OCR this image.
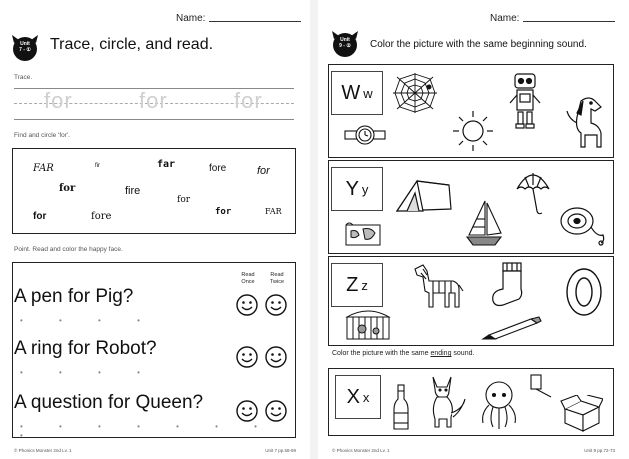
Name:
Unit
7 - ①	Trace, circle, and read.
Trace.
for	for	for
Find and circle 'for'.
FAR	fir	far	fore	for
for	fire
for
for	fore	for	FAR
Point. Read and color the happy face.
Read
Once
Read
Twice
A pen for Pig?
• • • •
A ring for Robot?
• • • •
A question for Queen?
• • • • • • • •
© Phonics Monster 2nd Lv. 1	Unit 7 pp.58-59
Name:
Unit
9 - ②	Color the picture with the same beginning sound.
W w
Y y
Z z
Color the picture with the same ending sound.
X x
© Phonics Monster 2nd Lv. 1	Unit 9 pp.72-73
